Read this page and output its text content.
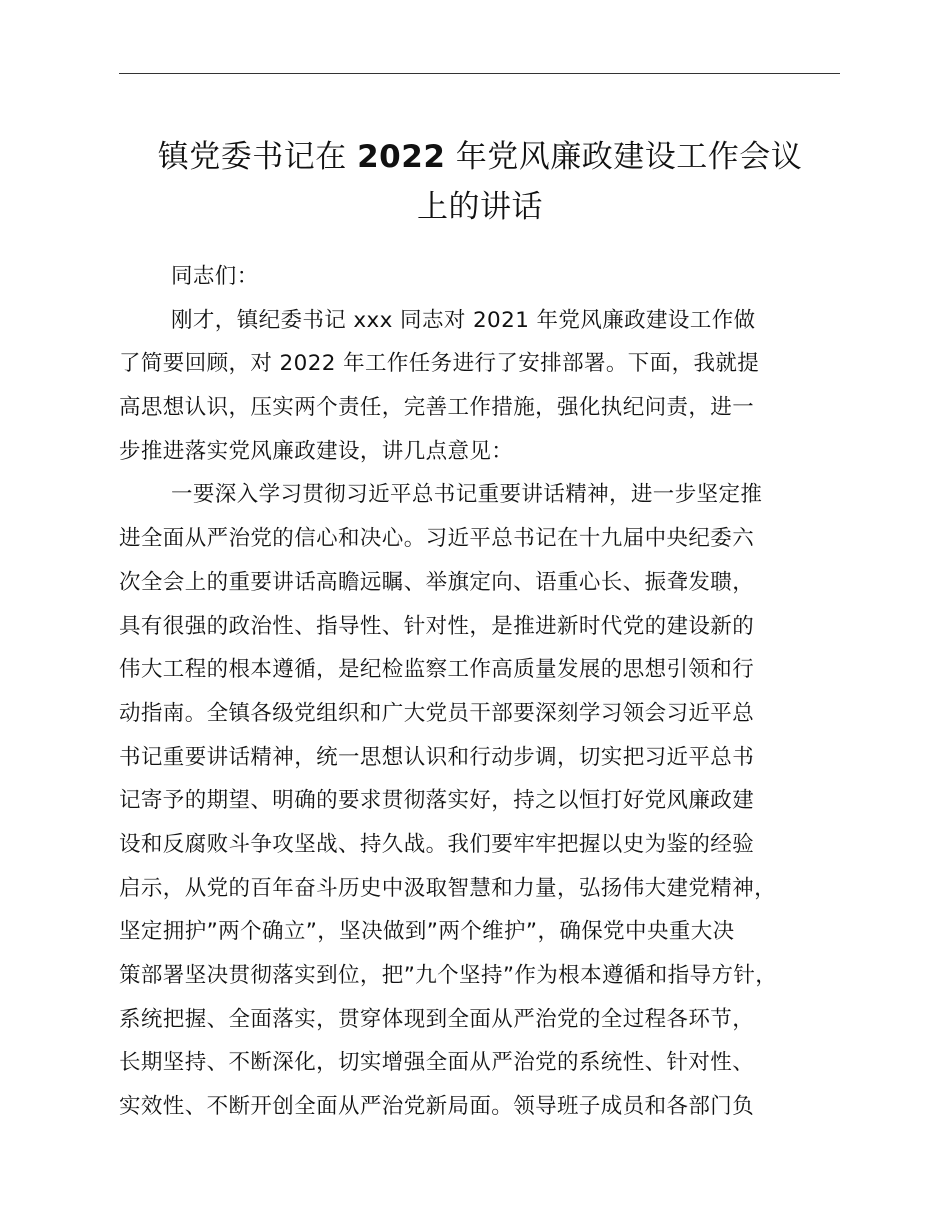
镇党委书记在 2022 年党风廉政建设工作会议
上的讲话
同志们：
刚才，镇纪委书记 xxx 同志对 2021 年党风廉政建设工作做
了简要回顾，对 2022 年工作任务进行了安排部署。下面，我就提
高思想认识，压实两个责任，完善工作措施，强化执纪问责，进一
步推进落实党风廉政建设，讲几点意见：
一要深入学习贯彻习近平总书记重要讲话精神，进一步坚定推
进全面从严治党的信心和决心。习近平总书记在十九届中央纪委六
次全会上的重要讲话高瞻远瞩、举旗定向、语重心长、振聋发聩，
具有很强的政治性、指导性、针对性，是推进新时代党的建设新的
伟大工程的根本遵循，是纪检监察工作高质量发展的思想引领和行
动指南。全镇各级党组织和广大党员干部要深刻学习领会习近平总
书记重要讲话精神，统一思想认识和行动步调，切实把习近平总书
记寄予的期望、明确的要求贯彻落实好，持之以恒打好党风廉政建
设和反腐败斗争攻坚战、持久战。我们要牢牢把握以史为鉴的经验
启示，从党的百年奋斗历史中汲取智慧和力量，弘扬伟大建党精神，
坚定拥护”两个确立”，坚决做到”两个维护”，确保党中央重大决
策部署坚决贯彻落实到位，把”九个坚持”作为根本遵循和指导方针，
系统把握、全面落实，贯穿体现到全面从严治党的全过程各环节，
长期坚持、不断深化，切实增强全面从严治党的系统性、针对性、
实效性、不断开创全面从严治党新局面。领导班子成员和各部门负
